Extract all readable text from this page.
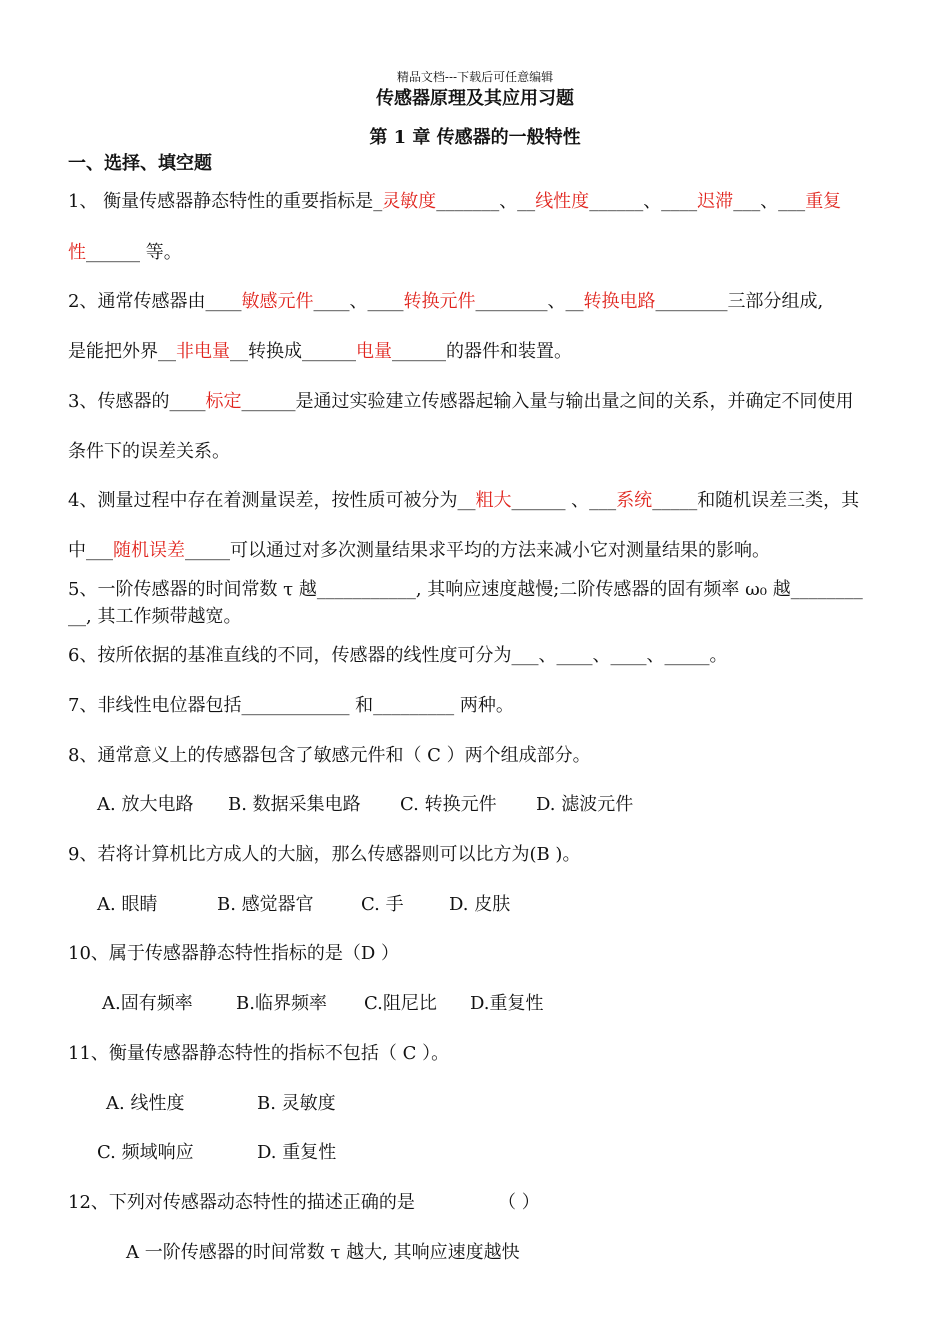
精品文档---下载后可任意编辑
传感器原理及其应用习题
第 1 章 传感器的一般特性
一、选择、填空题
1、 衡量传感器静态特性的重要指标是_灵敏度_______、__线性度______、____迟滞___、___重复
性______ 等。
2、通常传感器由____敏感元件____、____转换元件________、__转换电路________三部分组成,
是能把外界__非电量__转换成______电量______的器件和装置。
3、传感器的____标定______是通过实验建立传感器起输入量与输出量之间的关系，并确定不同使用
条件下的误差关系。
4、测量过程中存在着测量误差，按性质可被分为__粗大______ 、___系统_____和随机误差三类，其
中___随机误差_____可以通过对多次测量结果求平均的方法来减小它对测量结果的影响。
5、一阶传感器的时间常数 τ 越___________, 其响应速度越慢;二阶传感器的固有频率 ω₀ 越________
__, 其工作频带越宽。
6、按所依据的基准直线的不同，传感器的线性度可分为___、____、____、_____。
7、非线性电位器包括____________ 和_________ 两种。
8、通常意义上的传感器包含了敏感元件和（ C ）两个组成部分。
A. 放大电路 B. 数据采集电路 C. 转换元件 D. 滤波元件
9、若将计算机比方成人的大脑，那么传感器则可以比方为(B )。
A. 眼睛	B. 感觉器官	C. 手	D. 皮肤
10、属于传感器静态特性指标的是（D ）
A.固有频率 B.临界频率 C.阻尼比 D.重复性
11、衡量传感器静态特性的指标不包括（ C ）。
A. 线性度	B. 灵敏度
C. 频域响应	D. 重复性
12、下列对传感器动态特性的描述正确的是	（ ）
A 一阶传感器的时间常数 τ 越大, 其响应速度越快
